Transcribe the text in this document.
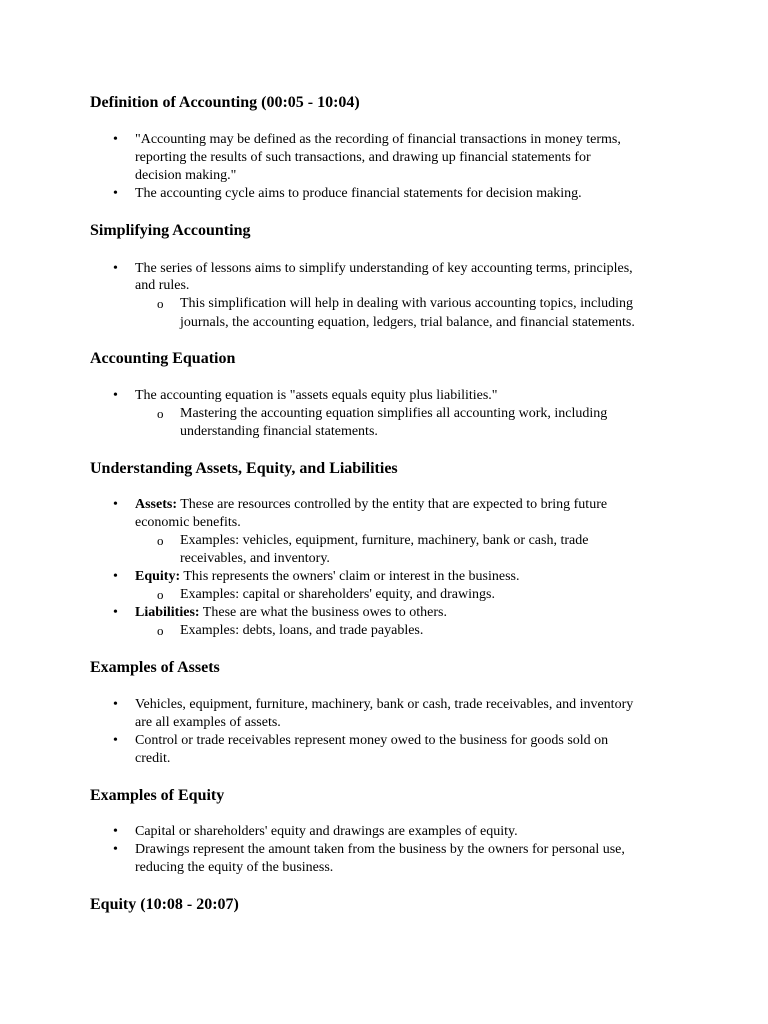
Definition of Accounting (00:05 - 10:04)
• "Accounting may be defined as the recording of financial transactions in money terms,

reporting the results of such transactions, and drawing up financial statements for

decision making."

• The accounting cycle aims to produce financial statements for decision making.

Simplifying Accounting
• The series of lessons aims to simplify understanding of key accounting terms, principles,

and rules.

o This simplification will help in dealing with various accounting topics, including

journals, the accounting equation, ledgers, trial balance, and financial statements.

Accounting Equation
• The accounting equation is "assets equals equity plus liabilities."

o Mastering the accounting equation simplifies all accounting work, including

understanding financial statements.

Understanding Assets, Equity, and Liabilities
• Assets: These are resources controlled by the entity that are expected to bring future

economic benefits.

o Examples: vehicles, equipment, furniture, machinery, bank or cash, trade

receivables, and inventory.

• Equity: This represents the owners' claim or interest in the business.

o Examples: capital or shareholders' equity, and drawings.

• Liabilities: These are what the business owes to others.

o Examples: debts, loans, and trade payables.

Examples of Assets
• Vehicles, equipment, furniture, machinery, bank or cash, trade receivables, and inventory

are all examples of assets.

• Control or trade receivables represent money owed to the business for goods sold on

credit.

Examples of Equity
• Capital or shareholders' equity and drawings are examples of equity.

• Drawings represent the amount taken from the business by the owners for personal use,

reducing the equity of the business.

Equity (10:08 - 20:07)
